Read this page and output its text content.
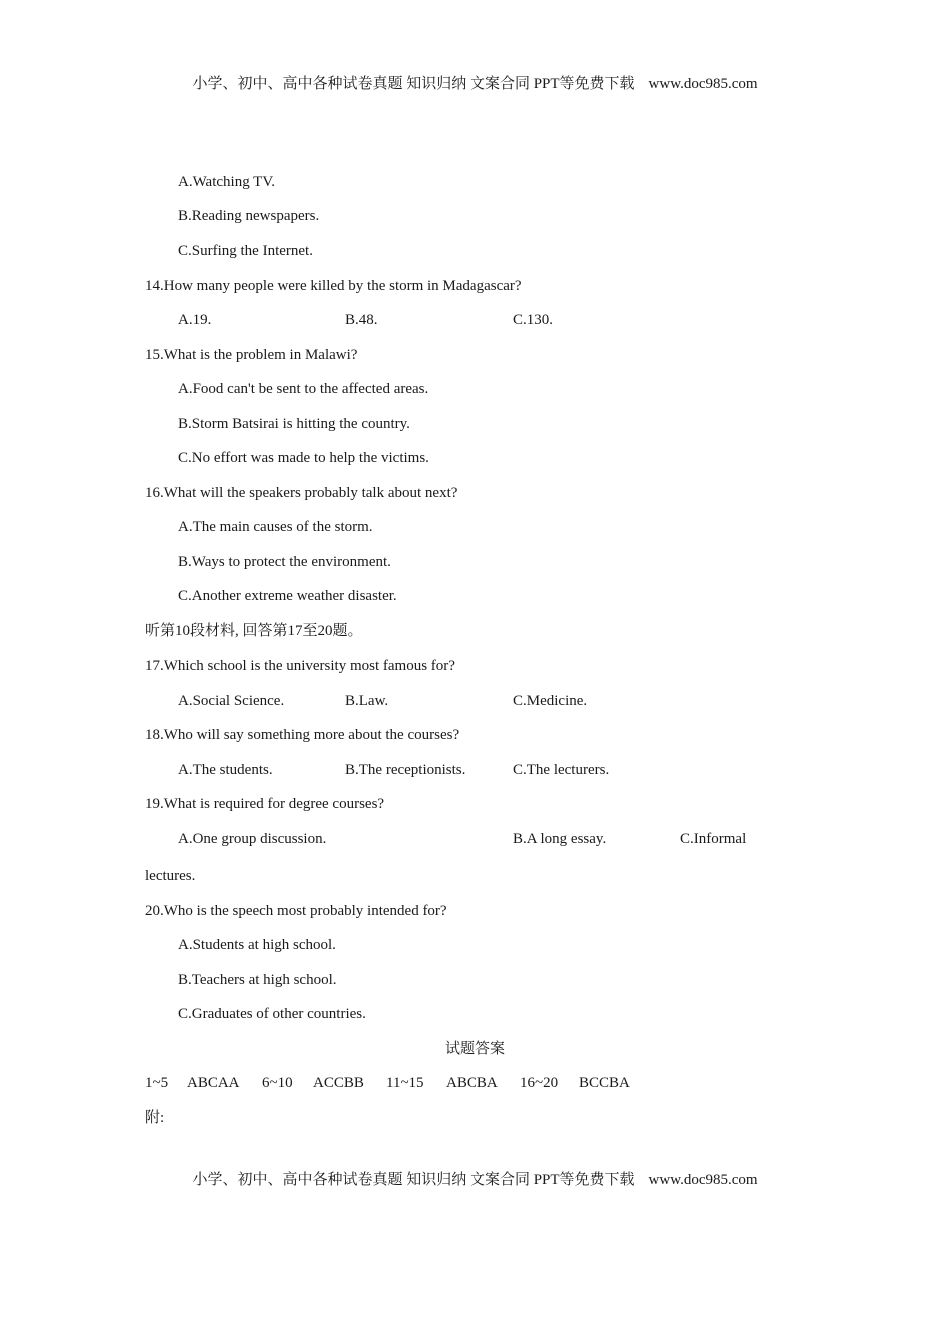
小学、初中、高中各种试卷真题 知识归纳 文案合同 PPT等免费下载 www.doc985.com
A.Watching TV.
B.Reading newspapers.
C.Surfing the Internet.
14.How many people were killed by the storm in Madagascar?
A.19.	B.48.	C.130.
15.What is the problem in Malawi?
A.Food can't be sent to the affected areas.
B.Storm Batsirai is hitting the country.
C.No effort was made to help the victims.
16.What will the speakers probably talk about next?
A.The main causes of the storm.
B.Ways to protect the environment.
C.Another extreme weather disaster.
听第10段材料, 回答第17至20题。
17.Which school is the university most famous for?
A.Social Science.	B.Law.	C.Medicine.
18.Who will say something more about the courses?
A.The students.	B.The receptionists.	C.The lecturers.
19.What is required for degree courses?
A.One group discussion.	B.A long essay.	C.Informal
lectures.
20.Who is the speech most probably intended for?
A.Students at high school.
B.Teachers at high school.
C.Graduates of other countries.
试题答案
1~5 ABCAA 6~10 ACCBB 11~15 ABCBA 16~20 BCCBA
附:
小学、初中、高中各种试卷真题 知识归纳 文案合同 PPT等免费下载 www.doc985.com
